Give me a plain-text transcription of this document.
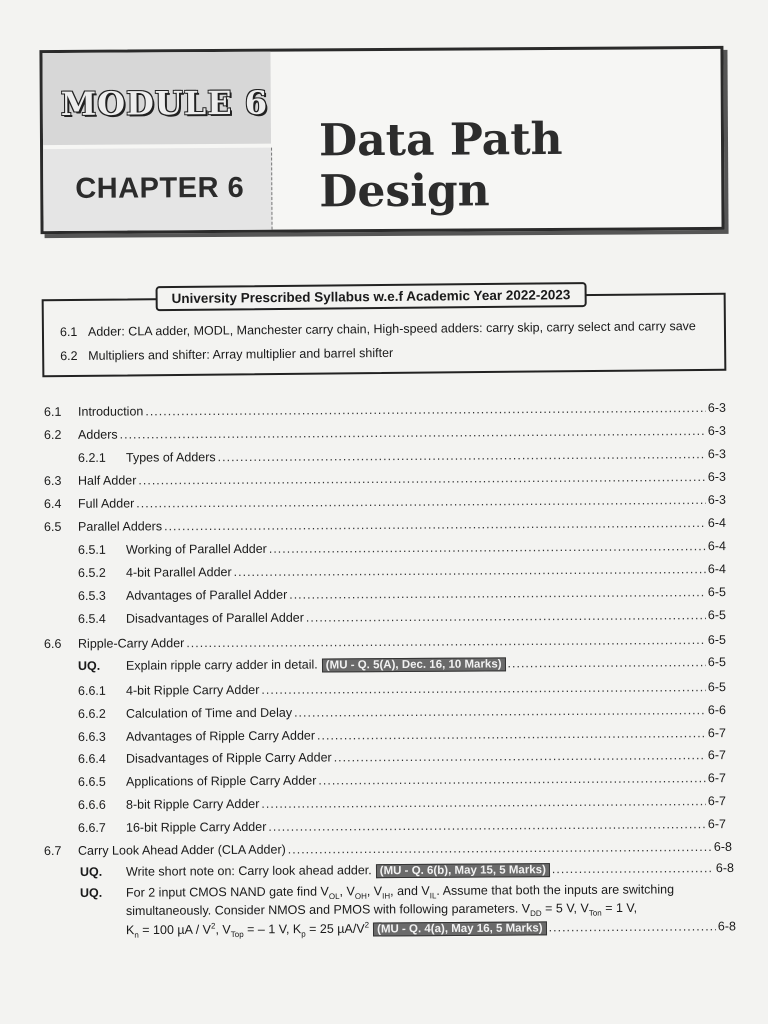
MODULE 6
CHAPTER 6
Data Path Design
University Prescribed Syllabus w.e.f Academic Year 2022-2023
6.1 Adder: CLA adder, MODL, Manchester carry chain, High-speed adders: carry skip, carry select and carry save
6.2 Multipliers and shifter: Array multiplier and barrel shifter
6.1	Introduction .....	6-3
6.2	Adders .....	6-3
6.2.1	Types of Adders .....	6-3
6.3	Half Adder .....	6-3
6.4	Full Adder .....	6-3
6.5	Parallel Adders .....	6-4
6.5.1	Working of Parallel Adder .....	6-4
6.5.2	4-bit Parallel Adder .....	6-4
6.5.3	Advantages of Parallel Adder .....	6-5
6.5.4	Disadvantages of Parallel Adder .....	6-5
6.6	Ripple-Carry Adder .....	6-5
UQ.	Explain ripple carry adder in detail. (MU - Q. 5(A), Dec. 16, 10 Marks) .....	6-5
6.6.1	4-bit Ripple Carry Adder .....	6-5
6.6.2	Calculation of Time and Delay .....	6-6
6.6.3	Advantages of Ripple Carry Adder .....	6-7
6.6.4	Disadvantages of Ripple Carry Adder .....	6-7
6.6.5	Applications of Ripple Carry Adder .....	6-7
6.6.6	8-bit Ripple Carry Adder .....	6-7
6.6.7	16-bit Ripple Carry Adder .....	6-7
6.7	Carry Look Ahead Adder (CLA Adder) .....	6-8
UQ.	Write short note on: Carry look ahead adder. (MU - Q. 6(b), May 15, 5 Marks) .....	6-8
UQ. For 2 input CMOS NAND gate find $V_{OL}$, $V_{OH}$, $V_{IH}$, and $V_{IL}$. Assume that both the inputs are switching
simultaneously. Consider NMOS and PMOS with following parameters. $V_{DD} = 5$ V, $V_{Ton} = 1$ V,
$K_n = 100$ µA / $V^2$, $V_{Top}$ = – 1 V, $K_p = 25$ $\mu A/V^2$ (MU - Q. 4(a), May 16, 5 Marks) .....	6-8
